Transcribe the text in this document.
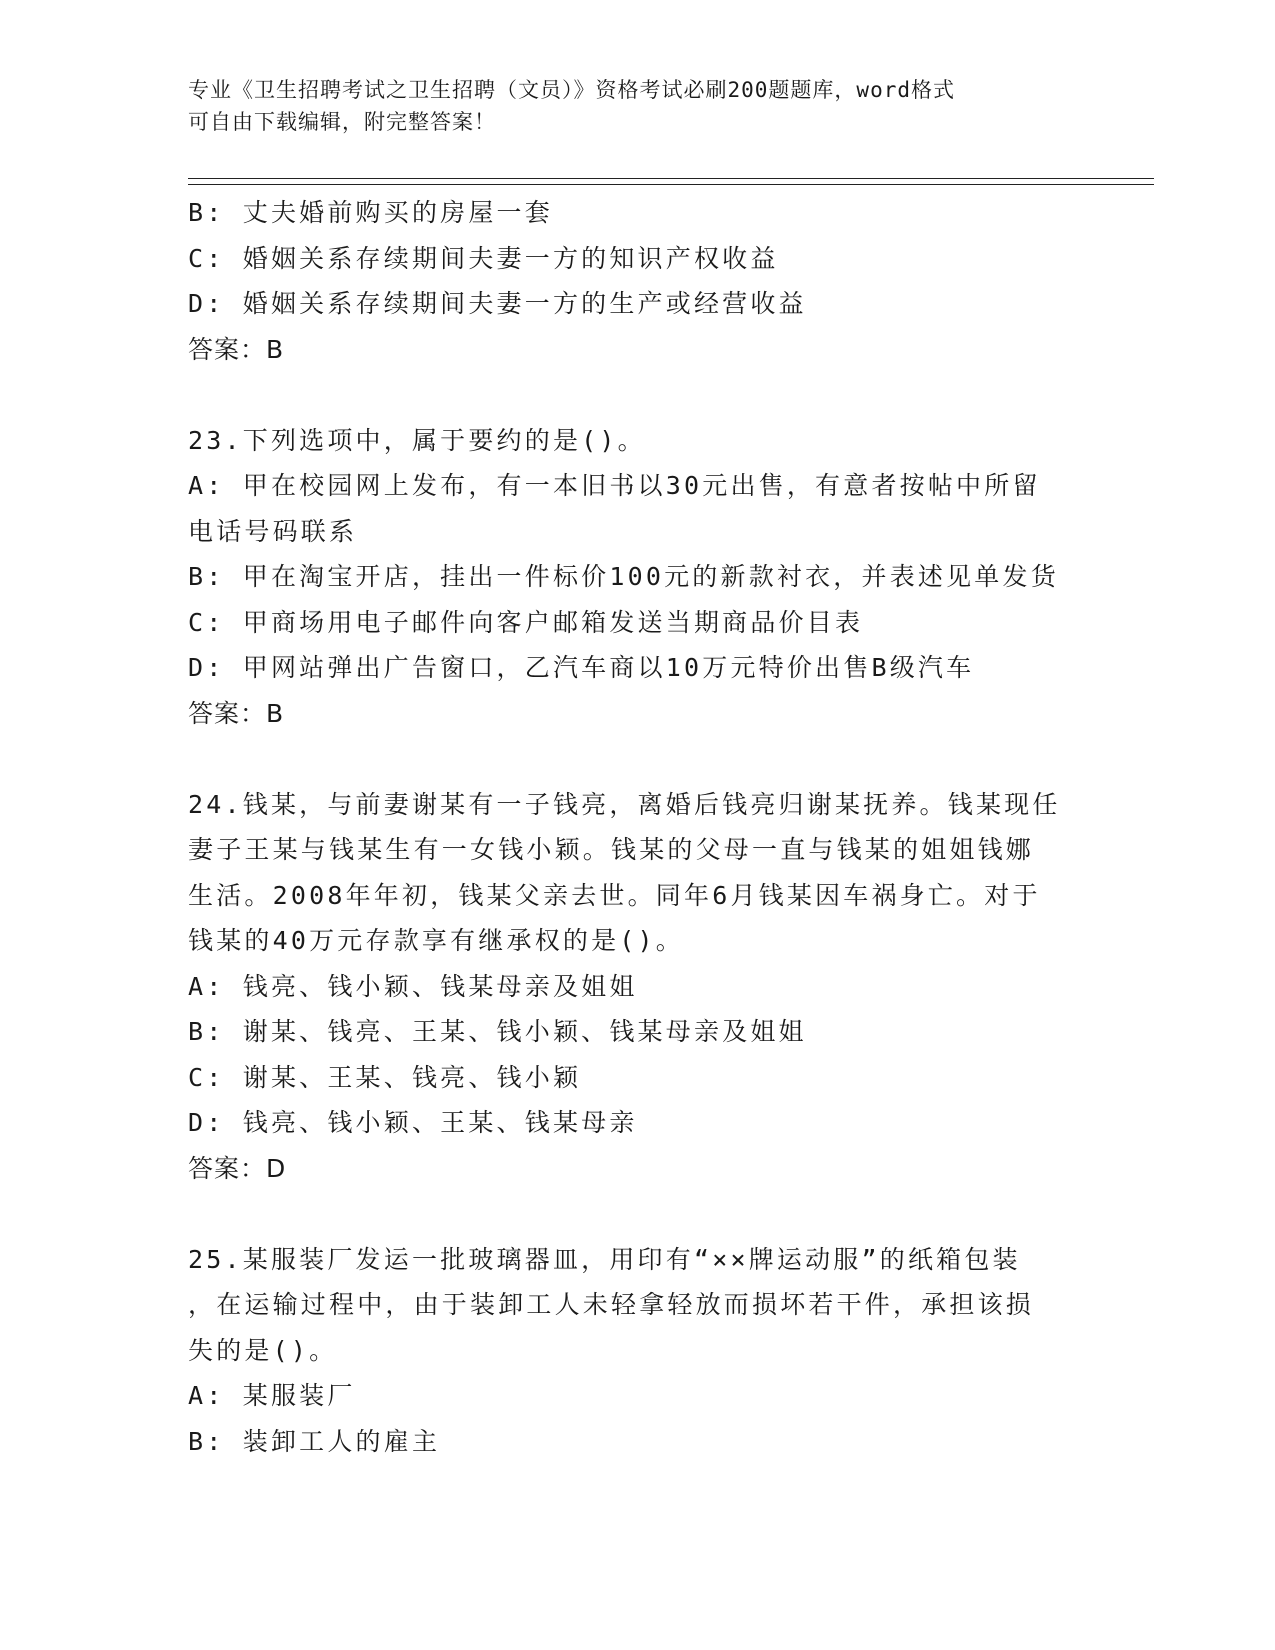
专业《卫生招聘考试之卫生招聘（文员）》资格考试必刷200题题库，word格式
可自由下载编辑，附完整答案！
B: 丈夫婚前购买的房屋一套
C: 婚姻关系存续期间夫妻一方的知识产权收益
D: 婚姻关系存续期间夫妻一方的生产或经营收益
答案：B
23.下列选项中，属于要约的是()。
A: 甲在校园网上发布，有一本旧书以30元出售，有意者按帖中所留
电话号码联系
B: 甲在淘宝开店，挂出一件标价100元的新款衬衣，并表述见单发货
C: 甲商场用电子邮件向客户邮箱发送当期商品价目表
D: 甲网站弹出广告窗口，乙汽车商以10万元特价出售B级汽车
答案：B
24.钱某，与前妻谢某有一子钱亮，离婚后钱亮归谢某抚养。钱某现任
妻子王某与钱某生有一女钱小颖。钱某的父母一直与钱某的姐姐钱娜
生活。2008年年初，钱某父亲去世。同年6月钱某因车祸身亡。对于
钱某的40万元存款享有继承权的是()。
A: 钱亮、钱小颖、钱某母亲及姐姐
B: 谢某、钱亮、王某、钱小颖、钱某母亲及姐姐
C: 谢某、王某、钱亮、钱小颖
D: 钱亮、钱小颖、王某、钱某母亲
答案：D
25.某服装厂发运一批玻璃器皿，用印有“××牌运动服”的纸箱包装
，在运输过程中，由于装卸工人未轻拿轻放而损坏若干件，承担该损
失的是()。
A: 某服装厂
B: 装卸工人的雇主
